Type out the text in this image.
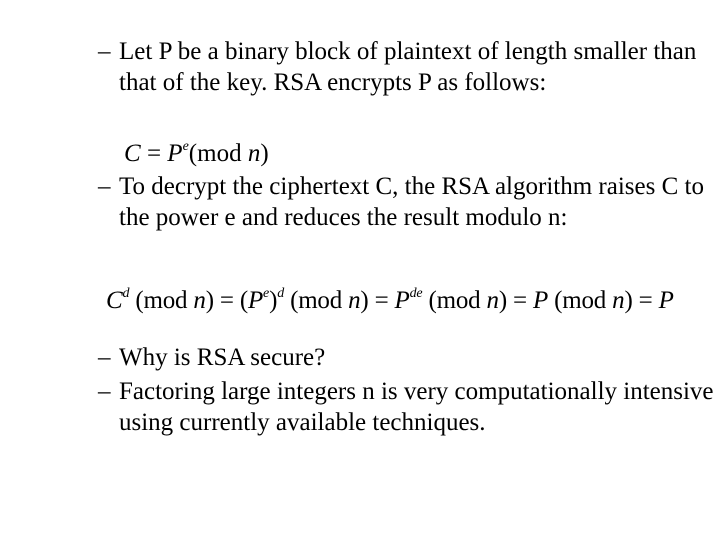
– Let P be a binary block of plaintext of length smaller than that of the key. RSA encrypts P as follows:
$C = P^e(mod$ n)
– To decrypt the ciphertext C, the RSA algorithm raises C to the power e and reduces the result modulo n:
$C^d$ (mod $n) = (P^e)^d$ (mod $n) = P^{de}$ (mod n) = P (mod n) = P
– Why is RSA secure?
– Factoring large integers n is very computationally intensive using currently available techniques.
